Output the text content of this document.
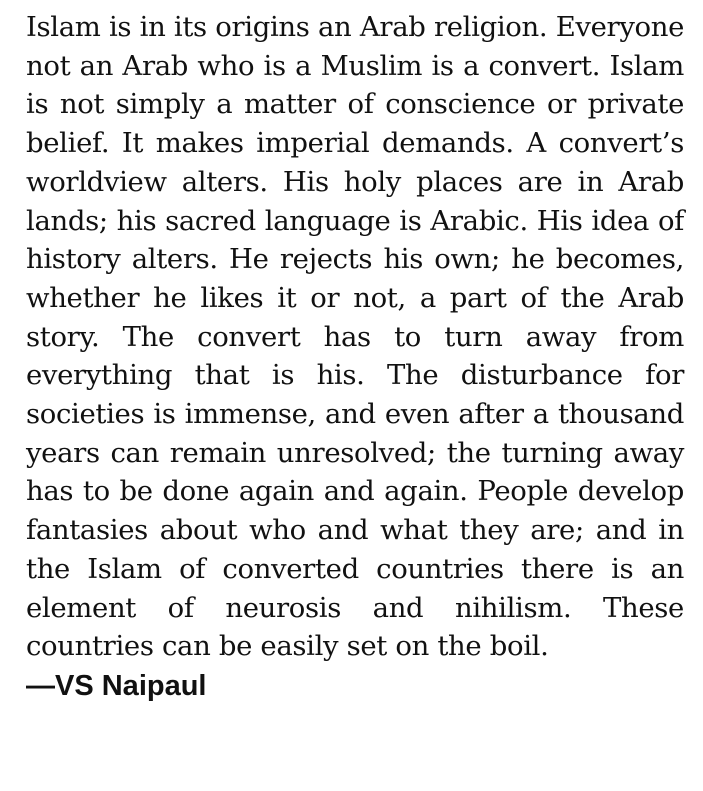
Islam is in its origins an Arab religion. Everyone not an Arab who is a Muslim is a convert. Islam is not simply a matter of conscience or private belief. It makes imperial demands. A convert’s worldview alters. His holy places are in Arab lands; his sacred language is Arabic. His idea of history alters. He rejects his own; he becomes, whether he likes it or not, a part of the Arab story. The convert has to turn away from everything that is his. The disturbance for societies is immense, and even after a thousand years can remain unresolved; the turning away has to be done again and again. People develop fantasies about who and what they are; and in the Islam of converted countries there is an element of neurosis and nihilism. These countries can be easily set on the boil.

—VS Naipaul
